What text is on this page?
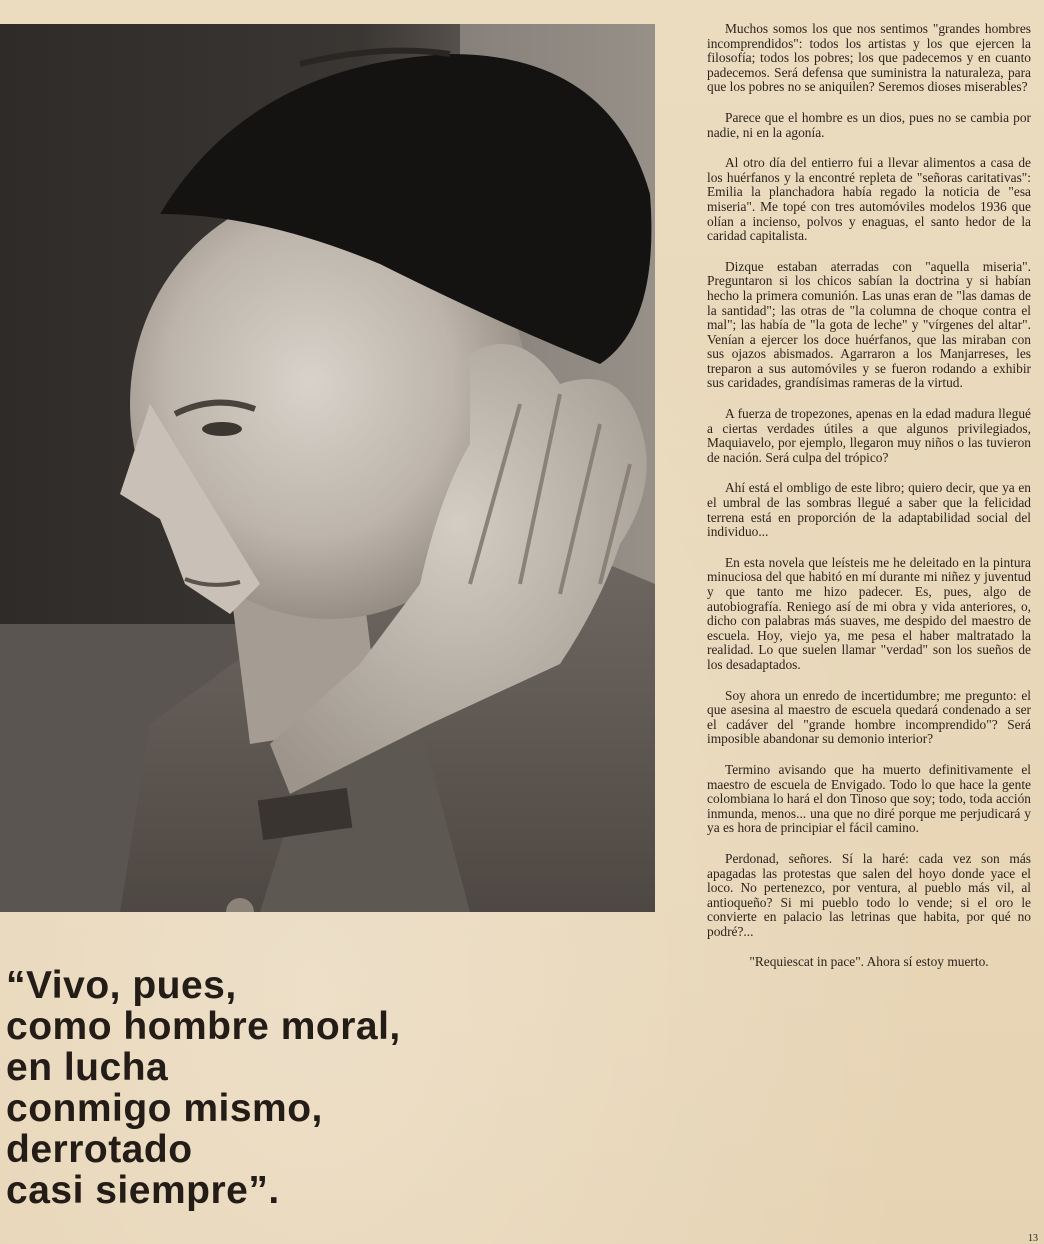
“Vivo, pues,
como hombre moral,
en lucha
conmigo mismo,
derrotado
casi siempre”.

Muchos somos los que nos sentimos "grandes hombres incomprendidos": todos los artistas y los que ejercen la filosofía; todos los pobres; los que padecemos y en cuanto padecemos. Será defensa que suministra la naturaleza, para que los pobres no se aniquilen? Seremos dioses miserables?

Parece que el hombre es un dios, pues no se cambia por nadie, ni en la agonía.

Al otro día del entierro fui a llevar alimentos a casa de los huérfanos y la encontré repleta de "señoras caritativas": Emilia la planchadora había regado la noticia de "esa miseria". Me topé con tres automóviles modelos 1936 que olían a incienso, polvos y enaguas, el santo hedor de la caridad capitalista.

Dizque estaban aterradas con "aquella miseria". Preguntaron si los chicos sabían la doctrina y si habían hecho la primera comunión. Las unas eran de "las damas de la santidad"; las otras de "la columna de choque contra el mal"; las había de "la gota de leche" y "vírgenes del altar". Venían a ejercer los doce huérfanos, que las miraban con sus ojazos abismados. Agarraron a los Manjarreses, les treparon a sus automóviles y se fueron rodando a exhibir sus caridades, grandísimas rameras de la virtud.

A fuerza de tropezones, apenas en la edad madura llegué a ciertas verdades útiles a que algunos privilegiados, Maquiavelo, por ejemplo, llegaron muy niños o las tuvieron de nación. Será culpa del trópico?

Ahí está el ombligo de este libro; quiero decir, que ya en el umbral de las sombras llegué a saber que la felicidad terrena está en proporción de la adaptabilidad social del individuo...

En esta novela que leísteis me he deleitado en la pintura minuciosa del que habitó en mí durante mi niñez y juventud y que tanto me hizo padecer. Es, pues, algo de autobiografía. Reniego así de mi obra y vida anteriores, o, dicho con palabras más suaves, me despido del maestro de escuela. Hoy, viejo ya, me pesa el haber maltratado la realidad. Lo que suelen llamar "verdad" son los sueños de los desadaptados.

Soy ahora un enredo de incertidumbre; me pregunto: el que asesina al maestro de escuela quedará condenado a ser el cadáver del "grande hombre incomprendido"? Será imposible abandonar su demonio interior?

Termino avisando que ha muerto definitivamente el maestro de escuela de Envigado. Todo lo que hace la gente colombiana lo hará el don Tinoso que soy; todo, toda acción inmunda, menos... una que no diré porque me perjudicará y ya es hora de principiar el fácil camino.

Perdonad, señores. Sí la haré: cada vez son más apagadas las protestas que salen del hoyo donde yace el loco. No pertenezco, por ventura, al pueblo más vil, al antioqueño? Si mi pueblo todo lo vende; si el oro le convierte en palacio las letrinas que habita, por qué no podré?...

"Requiescat in pace". Ahora sí estoy muerto.

13
